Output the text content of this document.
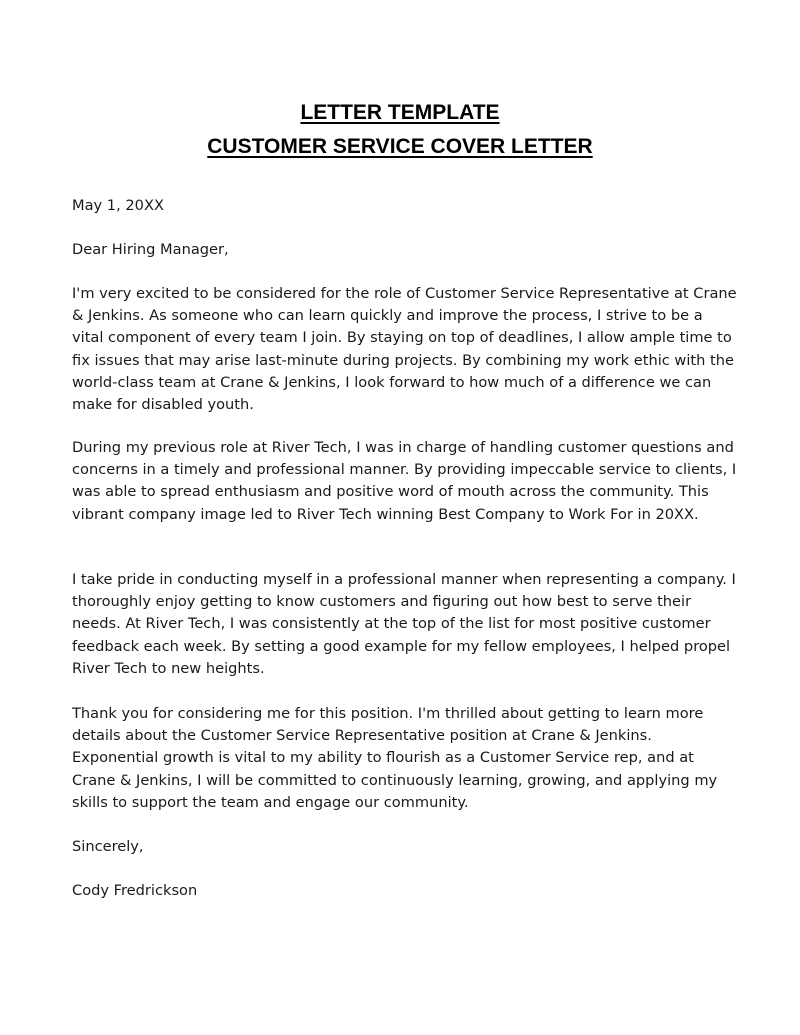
LETTER TEMPLATE
CUSTOMER SERVICE COVER LETTER

May 1, 20XX

Dear Hiring Manager,

I'm very excited to be considered for the role of Customer Service Representative at Crane & Jenkins. As someone who can learn quickly and improve the process, I strive to be a vital component of every team I join. By staying on top of deadlines, I allow ample time to fix issues that may arise last-minute during projects. By combining my work ethic with the world-class team at Crane & Jenkins, I look forward to how much of a difference we can make for disabled youth.

During my previous role at River Tech, I was in charge of handling customer questions and concerns in a timely and professional manner. By providing impeccable service to clients, I was able to spread enthusiasm and positive word of mouth across the community. This vibrant company image led to River Tech winning Best Company to Work For in 20XX.

I take pride in conducting myself in a professional manner when representing a company. I thoroughly enjoy getting to know customers and figuring out how best to serve their needs. At River Tech, I was consistently at the top of the list for most positive customer feedback each week. By setting a good example for my fellow employees, I helped propel River Tech to new heights.

Thank you for considering me for this position. I'm thrilled about getting to learn more details about the Customer Service Representative position at Crane & Jenkins. Exponential growth is vital to my ability to flourish as a Customer Service rep, and at Crane & Jenkins, I will be committed to continuously learning, growing, and applying my skills to support the team and engage our community.

Sincerely,

Cody Fredrickson
